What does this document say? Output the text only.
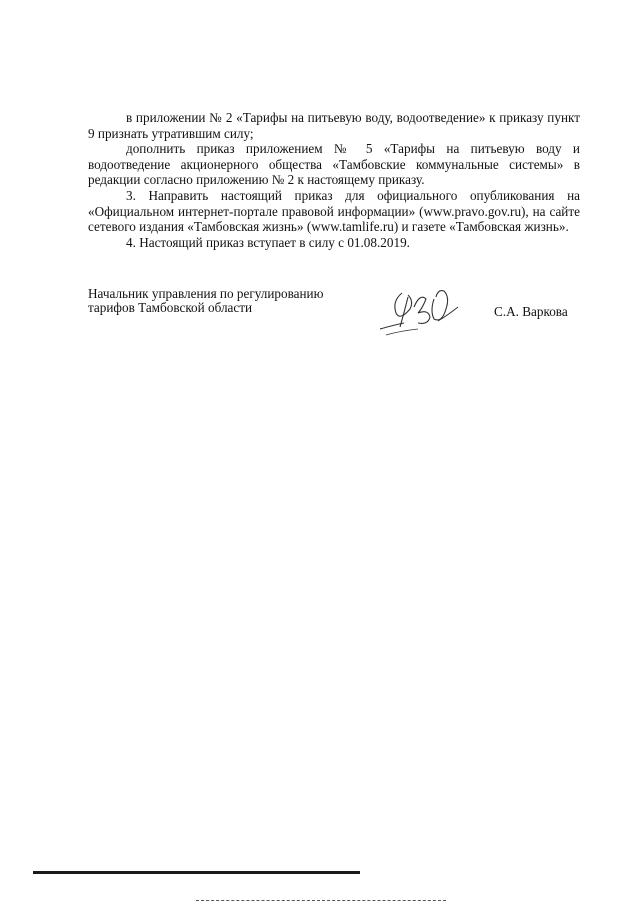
в приложении № 2 «Тарифы на питьевую воду, водоотведение» к приказу пункт 9 признать утратившим силу;

дополнить приказ приложением № 5 «Тарифы на питьевую воду и водоотведение акционерного общества «Тамбовские коммунальные системы» в редакции согласно приложению № 2 к настоящему приказу.

3. Направить настоящий приказ для официального опубликования на «Официальном интернет-портале правовой информации» (www.pravo.gov.ru), на сайте сетевого издания «Тамбовская жизнь» (www.tamlife.ru) и газете «Тамбовская жизнь».

4. Настоящий приказ вступает в силу с 01.08.2019.

Начальник управления по регулированию тарифов Тамбовской области	С.А. Варкова
